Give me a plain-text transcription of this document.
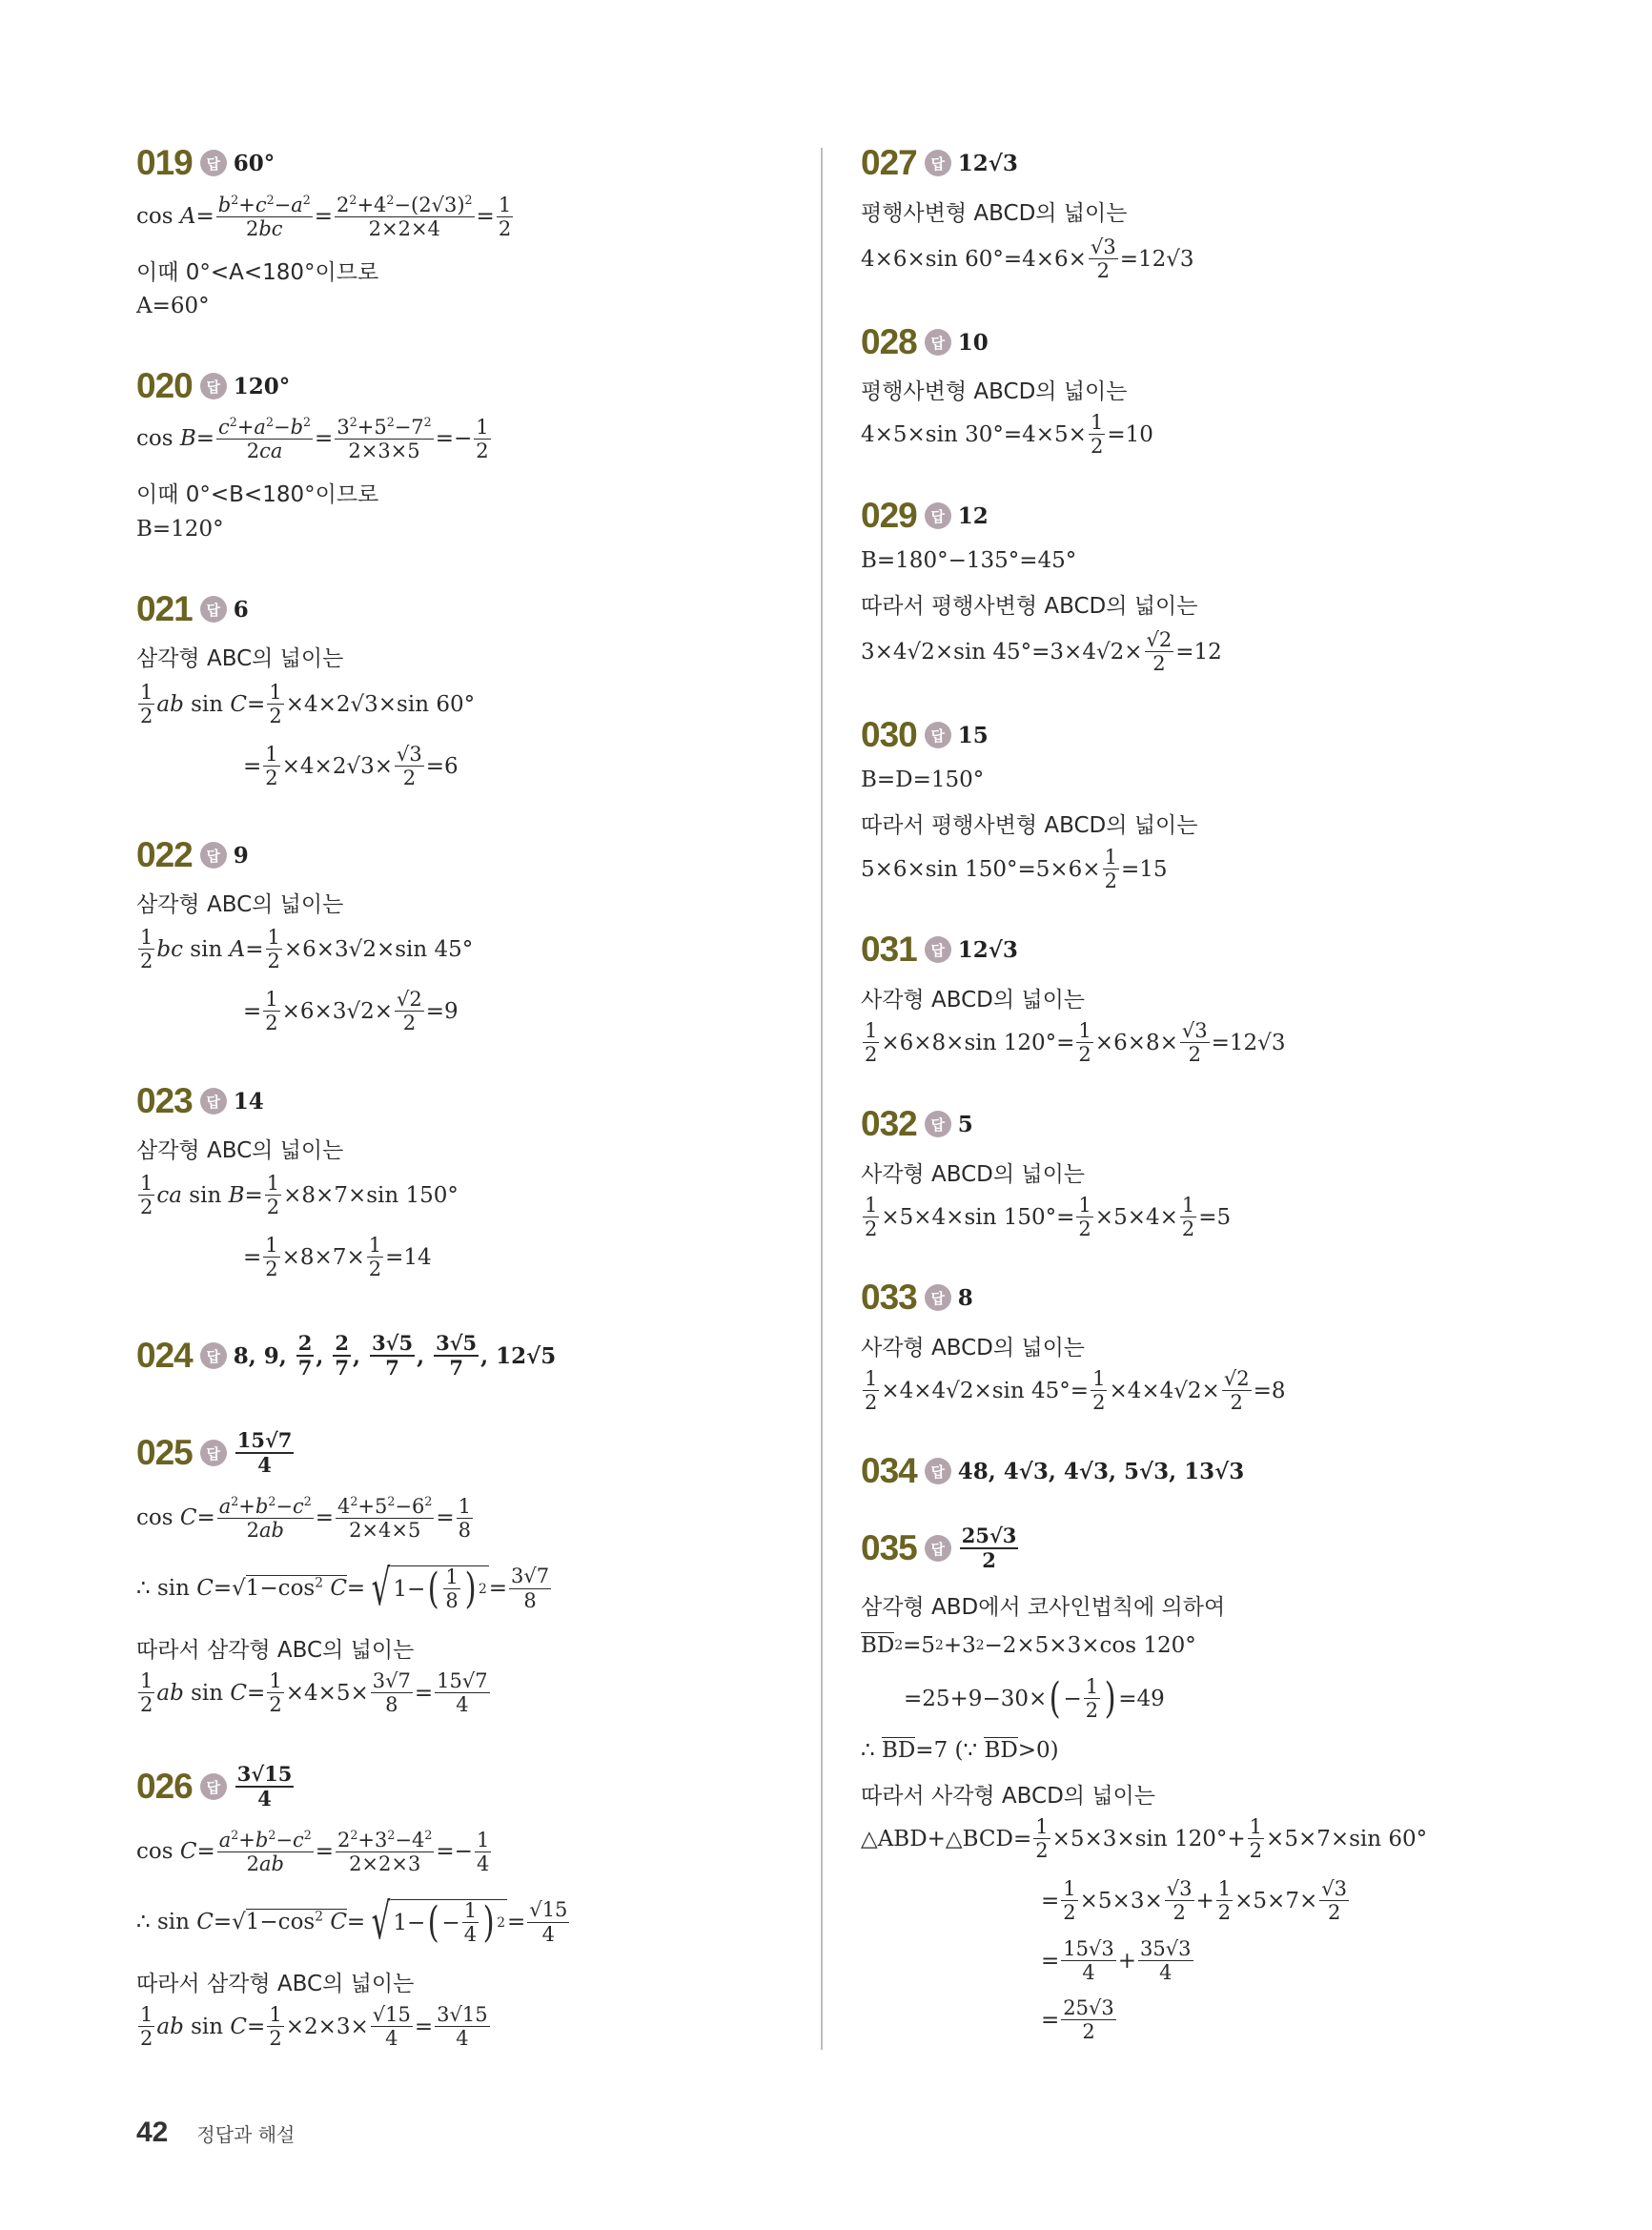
019 답 60°
$\cos A = \frac{b^2+c^2-a^2}{2bc} = \frac{2^2+4^2-(2√3)^2}{2\times 2\times 4} = \frac{1}{2}$
이때 0°<A<180°이므로
A=60°
020 답 120°
$\cos B = \frac{c^2+a^2-b^2}{2ca} = \frac{3^2+5^2-7^2}{2\times 3\times 5} =- \frac{1}{2}$
이때 0°<B<180°이므로
B=120°
021 답 6
삼각형 ABC의 넓이는
$\frac{1}{2}$ ab $\sin C = \frac{1}{2} \times 4\times 2√3\times\sin$ 60°
= $\frac{1}{2} \times 4\times 2√3\times \frac{√3}{2} =6$
022 답 9
삼각형 ABC의 넓이는
$\frac{1}{2}$ bc $\sin A = \frac{1}{2} \times 6\times 3√2\times\sin$ 45°
= $\frac{1}{2} \times 6\times 3√2\times \frac{√2}{2} =9$
023 답 14
삼각형 ABC의 넓이는
$\frac{1}{2}$ ca $\sin B = \frac{1}{2} \times 8\times 7\times\sin$ 150°
= $\frac{1}{2} \times 8\times 7\times \frac{1}{2} =14$
024 답 8, 9,
$\frac{2}{7}$ , $\frac{2}{7}$ , $\frac{3√5}{7}$ , $\frac{3√5}{7}$ , 12√5
025 답 $\frac{15√7}{4}$
$\cos C = \frac{a^2+b^2-c^2}{2ab} = \frac{4^2+5^2-6^2}{2\times 4\times 5} = \frac{1}{8}$
∴ sin C =√ $1-\cos^2$ C = √ 1− ( $\frac{1}{8}$ ) $2 = \frac{3√7}{8}$
따라서 삼각형 ABC의 넓이는
$\frac{1}{2}$ ab $\sin C = \frac{1}{2} \times 4\times 5\times \frac{3√7}{8} = \frac{15√7}{4}$
026 답 $\frac{3√15}{4}$
$\cos C = \frac{a^2+b^2-c^2}{2ab} = \frac{2^2+3^2-4^2}{2\times 2\times 3} =- \frac{1}{4}$
∴ sin C =√ $1-\cos^2$ C = √ 1− ( − $\frac{1}{4}$ ) $2 = \frac{√15}{4}$
따라서 삼각형 ABC의 넓이는
$\frac{1}{2}$ ab $\sin C = \frac{1}{2} \times 2\times 3\times \frac{√15}{4} = \frac{3√15}{4}$
027 답 12√3
평행사변형 ABCD의 넓이는
4×6×sin $60^\circ=4\times 6\times \frac{√3}{2} =12√3$
028 답 10
평행사변형 ABCD의 넓이는
4×5×sin $30^\circ=4\times 5\times \frac{1}{2} =10$
029 답 12
B=180°−135°=45°
따라서 평행사변형 ABCD의 넓이는
3×4√2×sin $45^\circ=3\times 4√2\times \frac{√2}{2} =12$
030 답 15
B=D=150°
따라서 평행사변형 ABCD의 넓이는
5×6×sin $150^\circ=5\times 6\times \frac{1}{2} =15$
031 답 12√3
사각형 ABCD의 넓이는
$\frac{1}{2} \times 6\times 8\times\sin$ $120^\circ= \frac{1}{2} \times 6\times 8\times \frac{√3}{2} =12√3$
032 답 5
사각형 ABCD의 넓이는
$\frac{1}{2} \times 5\times 4\times\sin$ $150^\circ= \frac{1}{2} \times 5\times 4\times \frac{1}{2} =5$
033 답 8
사각형 ABCD의 넓이는
$\frac{1}{2} \times 4\times 4√2\times\sin$ $45^\circ= \frac{1}{2} \times 4\times 4√2\times \frac{√2}{2} =8$
034 답 48, 4√3, 4√3, 5√3, 13√3
035 답 $\frac{25√3}{2}$
삼각형 ABD에서 코사인법칙에 의하여
BD 2 =5 2 +3 2 −2×5×3×cos 120°
=25+9−30× ( − $\frac{1}{2}$ ) =49
∴ BD =7 (∵ BD >0)
따라서 사각형 ABCD의 넓이는
△ABD+△BCD= $\frac{1}{2} \times 5\times 3\times\sin$ $120^\circ+ \frac{1}{2} \times 5\times 7\times\sin$ 60°
= $\frac{1}{2} \times 5\times 3\times \frac{√3}{2} + \frac{1}{2} \times 5\times 7\times \frac{√3}{2}$
= $\frac{15√3}{4} + \frac{35√3}{4}$
= $\frac{25√3}{2}$
42 정답과 해설
